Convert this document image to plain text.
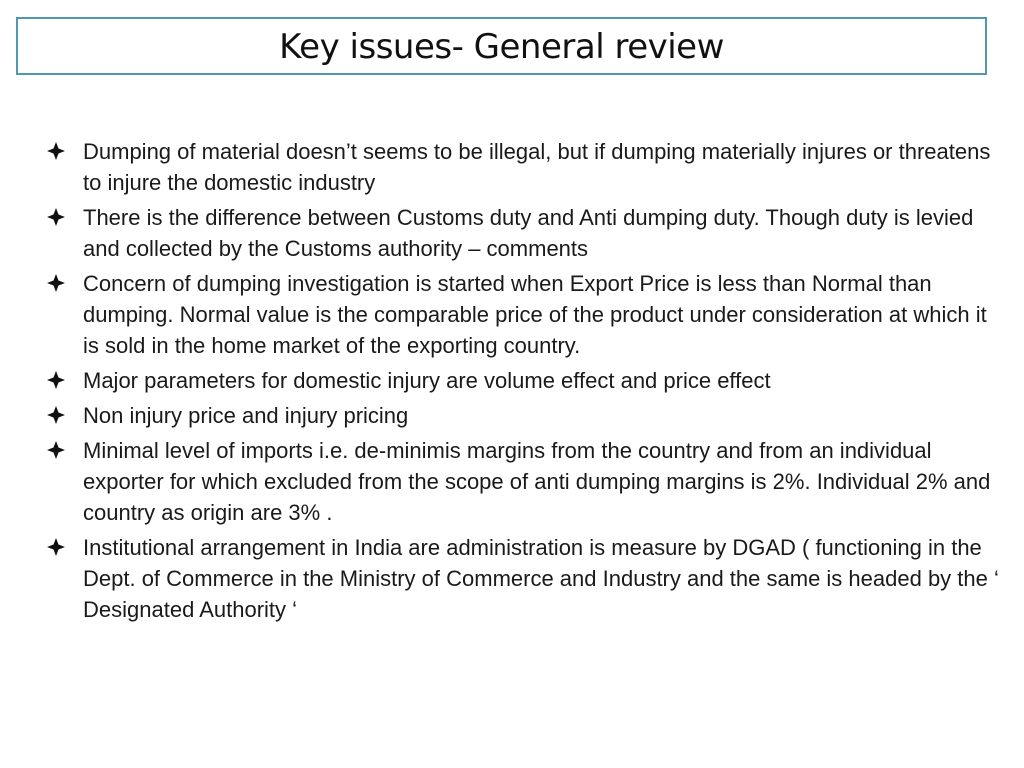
Key issues- General review
Dumping of material doesn’t seems to be illegal, but if dumping materially injures or threatens to injure the domestic industry
There is the difference between Customs duty and Anti dumping duty. Though duty is levied and collected by the Customs authority – comments
Concern of dumping investigation is started when Export Price is less than Normal than dumping. Normal value is the comparable price of the product under consideration at which it is sold in the home market of the exporting country.
Major parameters for domestic injury are volume effect and price effect
Non injury price and injury pricing
Minimal level of imports i.e. de-minimis margins from the country and from an individual exporter for which excluded from the scope of anti dumping margins is 2%. Individual 2% and country as origin are 3% .
Institutional arrangement in India are administration is measure by DGAD ( functioning in the Dept. of Commerce in the Ministry of Commerce and Industry and the same is headed by the ‘ Designated Authority ‘
